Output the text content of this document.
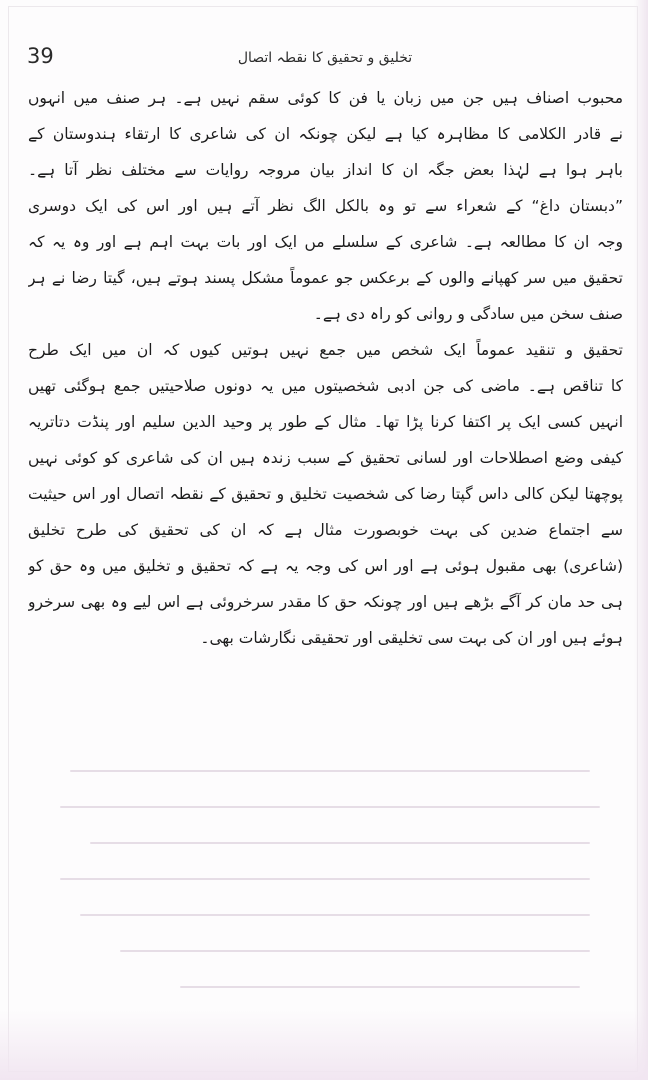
39	تخلیق و تحقیق کا نقطہ اتصال
محبوب اصناف ہیں جن میں زبان یا فن کا کوئی سقم نہیں ہے۔ ہر صنف میں انہوں
نے قادر الکلامی کا مظاہرہ کیا ہے لیکن چونکہ ان کی شاعری کا ارتقاء ہندوستان کے
باہر ہوا ہے لہٰذا بعض جگہ ان کا انداز بیان مروجہ روایات سے مختلف نظر آتا ہے۔
”دبستان داغ“ کے شعراء سے تو وہ بالکل الگ نظر آتے ہیں اور اس کی ایک دوسری
وجہ ان کا مطالعہ ہے۔ شاعری کے سلسلے مں ایک اور بات بہت اہم ہے اور وہ یہ کہ
تحقیق میں سر کھپانے والوں کے برعکس جو عموماً مشکل پسند ہوتے ہیں، گیتا رضا نے ہر
صنف سخن میں سادگی و روانی کو راہ دی ہے۔
تحقیق و تنقید عموماً ایک شخص میں جمع نہیں ہوتیں کیوں کہ ان میں ایک طرح
کا تناقص ہے۔ ماضی کی جن ادبی شخصیتوں میں یہ دونوں صلاحیتیں جمع ہوگئی تھیں
انہیں کسی ایک پر اکتفا کرنا پڑا تھا۔ مثال کے طور پر وحید الدین سلیم اور پنڈت دتاتریہ
کیفی وضع اصطلاحات اور لسانی تحقیق کے سبب زندہ ہیں ان کی شاعری کو کوئی نہیں
پوچھتا لیکن کالی داس گپتا رضا کی شخصیت تخلیق و تحقیق کے نقطہ اتصال اور اس حیثیت
سے اجتماع ضدین کی بہت خوبصورت مثال ہے کہ ان کی تحقیق کی طرح تخلیق
(شاعری) بھی مقبول ہوئی ہے اور اس کی وجہ یہ ہے کہ تحقیق و تخلیق میں وہ حق کو
ہی حد مان کر آگے بڑھے ہیں اور چونکہ حق کا مقدر سرخروئی ہے اس لیے وہ بھی سرخرو
ہوئے ہیں اور ان کی بہت سی تخلیقی اور تحقیقی نگارشات بھی۔
